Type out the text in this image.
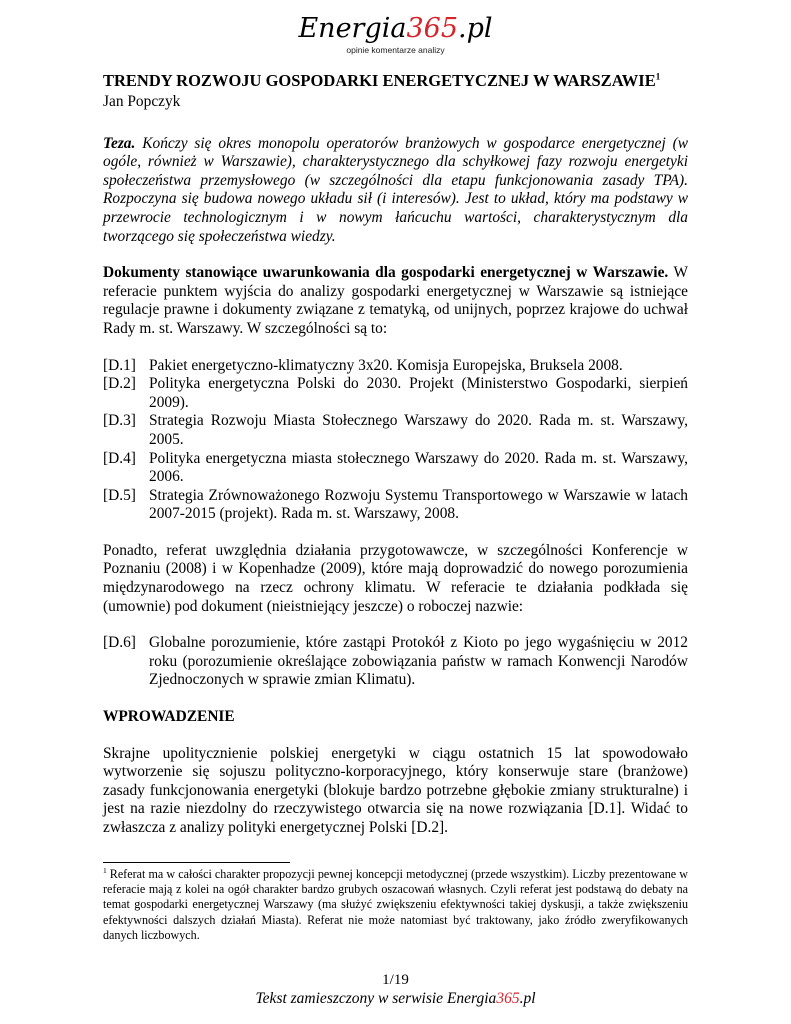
Energia365.pl
opinie komentarze analizy
TRENDY ROZWOJU GOSPODARKI ENERGETYCZNEJ W WARSZAWIE$^1$

Jan Popczyk

Teza. Kończy się okres monopolu operatorów branżowych w gospodarce energetycznej (w ogóle, również w Warszawie), charakterystycznego dla schyłkowej fazy rozwoju energetyki społeczeństwa przemysłowego (w szczególności dla etapu funkcjonowania zasady TPA). Rozpoczyna się budowa nowego układu sił (i interesów). Jest to układ, który ma podstawy w przewrocie technologicznym i w nowym łańcuchu wartości, charakterystycznym dla tworzącego się społeczeństwa wiedzy.

Dokumenty stanowiące uwarunkowania dla gospodarki energetycznej w Warszawie. W referacie punktem wyjścia do analizy gospodarki energetycznej w Warszawie są istniejące regulacje prawne i dokumenty związane z tematyką, od unijnych, poprzez krajowe do uchwał Rady m. st. Warszawy. W szczególności są to:

[D.1] Pakiet energetyczno-klimatyczny 3x20. Komisja Europejska, Bruksela 2008.
[D.2] Polityka energetyczna Polski do 2030. Projekt (Ministerstwo Gospodarki, sierpień 2009).
[D.3] Strategia Rozwoju Miasta Stołecznego Warszawy do 2020. Rada m. st. Warszawy, 2005.
[D.4] Polityka energetyczna miasta stołecznego Warszawy do 2020. Rada m. st. Warszawy, 2006.
[D.5] Strategia Zrównoważonego Rozwoju Systemu Transportowego w Warszawie w latach 2007-2015 (projekt). Rada m. st. Warszawy, 2008.

Ponadto, referat uwzględnia działania przygotowawcze, w szczególności Konferencje w Poznaniu (2008) i w Kopenhadze (2009), które mają doprowadzić do nowego porozumienia międzynarodowego na rzecz ochrony klimatu. W referacie te działania podkłada się (umownie) pod dokument (nieistniejący jeszcze) o roboczej nazwie:

[D.6] Globalne porozumienie, które zastąpi Protokół z Kioto po jego wygaśnięciu w 2012 roku (porozumienie określające zobowiązania państw w ramach Konwencji Narodów Zjednoczonych w sprawie zmian Klimatu).

WPROWADZENIE

Skrajne upolitycznienie polskiej energetyki w ciągu ostatnich 15 lat spowodowało wytworzenie się sojuszu polityczno-korporacyjnego, który konserwuje stare (branżowe) zasady funkcjonowania energetyki (blokuje bardzo potrzebne głębokie zmiany strukturalne) i jest na razie niezdolny do rzeczywistego otwarcia się na nowe rozwiązania [D.1]. Widać to zwłaszcza z analizy polityki energetycznej Polski [D.2].

$^1$ Referat ma w całości charakter propozycji pewnej koncepcji metodycznej (przede wszystkim). Liczby prezentowane w referacie mają z kolei na ogół charakter bardzo grubych oszacowań własnych. Czyli referat jest podstawą do debaty na temat gospodarki energetycznej Warszawy (ma służyć zwiększeniu efektywności takiej dyskusji, a także zwiększeniu efektywności dalszych działań Miasta). Referat nie może natomiast być traktowany, jako źródło zweryfikowanych danych liczbowych.
1/19
Tekst zamieszczony w serwisie Energia365.pl
